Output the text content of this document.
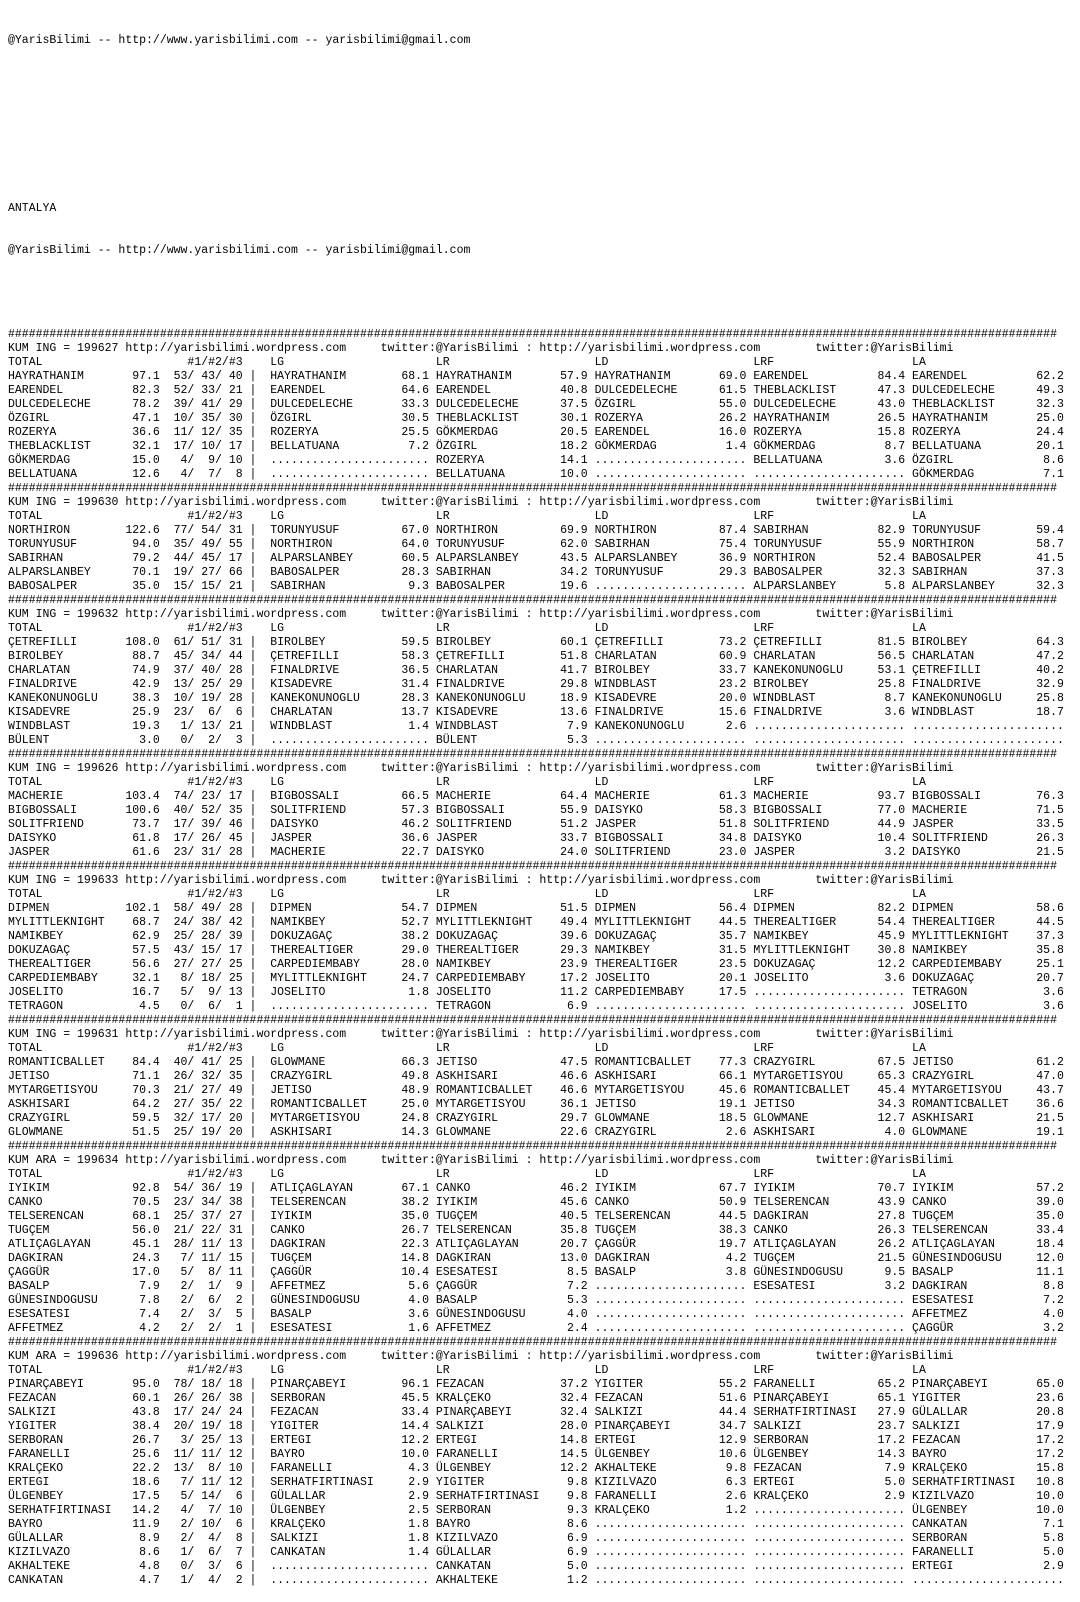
@YarisBilimi -- http://www.yarisbilimi.com -- yarisbilimi@gmail.com

ANTALYA

@YarisBilimi -- http://www.yarisbilimi.com -- yarisbilimi@gmail.com

########################################################################################################################################################
KUM ING = 199627 http://yarisbilimi.wordpress.com     twitter:@YarisBilimi : http://yarisbilimi.wordpress.com        twitter:@YarisBilimi
TOTAL                     #1/#2/#3    LG                      LR                     LD                     LRF                    LA
HAYRATHANIM       97.1  53/ 43/ 40 |  HAYRATHANIM        68.1 HAYRATHANIM       57.9 HAYRATHANIM       69.0 EARENDEL          84.4 EARENDEL          62.2
EARENDEL          82.3  52/ 33/ 21 |  EARENDEL           64.6 EARENDEL          40.8 DULCEDELECHE      61.5 THEBLACKLIST      47.3 DULCEDELECHE      49.3
DULCEDELECHE      78.2  39/ 41/ 29 |  DULCEDELECHE       33.3 DULCEDELECHE      37.5 ÖZGIRL            55.0 DULCEDELECHE      43.0 THEBLACKLIST      32.3
ÖZGIRL            47.1  10/ 35/ 30 |  ÖZGIRL             30.5 THEBLACKLIST      30.1 ROZERYA           26.2 HAYRATHANIM       26.5 HAYRATHANIM       25.0
ROZERYA           36.6  11/ 12/ 35 |  ROZERYA            25.5 GÖKMERDAG         20.5 EARENDEL          16.0 ROZERYA           15.8 ROZERYA           24.4
THEBLACKLIST      32.1  17/ 10/ 17 |  BELLATUANA          7.2 ÖZGIRL            18.2 GÖKMERDAG          1.4 GÖKMERDAG          8.7 BELLATUANA        20.1
GÖKMERDAG         15.0   4/  9/ 10 |  ....................... ROZERYA           14.1 ...................... BELLATUANA         3.6 ÖZGIRL             8.6
BELLATUANA        12.6   4/  7/  8 |  ....................... BELLATUANA        10.0 ...................... ...................... GÖKMERDAG          7.1
########################################################################################################################################################
KUM ING = 199630 http://yarisbilimi.wordpress.com     twitter:@YarisBilimi : http://yarisbilimi.wordpress.com        twitter:@YarisBilimi
TOTAL                     #1/#2/#3    LG                      LR                     LD                     LRF                    LA
NORTHIRON        122.6  77/ 54/ 31 |  TORUNYUSUF         67.0 NORTHIRON         69.9 NORTHIRON         87.4 SABIRHAN          82.9 TORUNYUSUF        59.4
TORUNYUSUF        94.0  35/ 49/ 55 |  NORTHIRON          64.0 TORUNYUSUF        62.0 SABIRHAN          75.4 TORUNYUSUF        55.9 NORTHIRON         58.7
SABIRHAN          79.2  44/ 45/ 17 |  ALPARSLANBEY       60.5 ALPARSLANBEY      43.5 ALPARSLANBEY      36.9 NORTHIRON         52.4 BABOSALPER        41.5
ALPARSLANBEY      70.1  19/ 27/ 66 |  BABOSALPER         28.3 SABIRHAN          34.2 TORUNYUSUF        29.3 BABOSALPER        32.3 SABIRHAN          37.3
BABOSALPER        35.0  15/ 15/ 21 |  SABIRHAN            9.3 BABOSALPER        19.6 ...................... ALPARSLANBEY       5.8 ALPARSLANBEY      32.3
########################################################################################################################################################
KUM ING = 199632 http://yarisbilimi.wordpress.com     twitter:@YarisBilimi : http://yarisbilimi.wordpress.com        twitter:@YarisBilimi
TOTAL                     #1/#2/#3    LG                      LR                     LD                     LRF                    LA
ÇETREFILLI       108.0  61/ 51/ 31 |  BIROLBEY           59.5 BIROLBEY          60.1 ÇETREFILLI        73.2 ÇETREFILLI        81.5 BIROLBEY          64.3
BIROLBEY          88.7  45/ 34/ 44 |  ÇETREFILLI         58.3 ÇETREFILLI        51.8 CHARLATAN         60.9 CHARLATAN         56.5 CHARLATAN         47.2
CHARLATAN         74.9  37/ 40/ 28 |  FINALDRIVE         36.5 CHARLATAN         41.7 BIROLBEY          33.7 KANEKONUNOGLU     53.1 ÇETREFILLI        40.2
FINALDRIVE        42.9  13/ 25/ 29 |  KISADEVRE          31.4 FINALDRIVE        29.8 WINDBLAST         23.2 BIROLBEY          25.8 FINALDRIVE        32.9
KANEKONUNOGLU     38.3  10/ 19/ 28 |  KANEKONUNOGLU      28.3 KANEKONUNOGLU     18.9 KISADEVRE         20.0 WINDBLAST          8.7 KANEKONUNOGLU     25.8
KISADEVRE         25.9  23/  6/  6 |  CHARLATAN          13.7 KISADEVRE         13.6 FINALDRIVE        15.6 FINALDRIVE         3.6 WINDBLAST         18.7
WINDBLAST         19.3   1/ 13/ 21 |  WINDBLAST           1.4 WINDBLAST          7.9 KANEKONUNOGLU      2.6 ...................... ......................
BÜLENT             3.0   0/  2/  3 |  ....................... BÜLENT             5.3 ...................... ...................... ......................
########################################################################################################################################################
KUM ING = 199626 http://yarisbilimi.wordpress.com     twitter:@YarisBilimi : http://yarisbilimi.wordpress.com        twitter:@YarisBilimi
TOTAL                     #1/#2/#3    LG                      LR                     LD                     LRF                    LA
MACHERIE         103.4  74/ 23/ 17 |  BIGBOSSALI         66.5 MACHERIE          64.4 MACHERIE          61.3 MACHERIE          93.7 BIGBOSSALI        76.3
BIGBOSSALI       100.6  40/ 52/ 35 |  SOLITFRIEND        57.3 BIGBOSSALI        55.9 DAISYKO           58.3 BIGBOSSALI        77.0 MACHERIE          71.5
SOLITFRIEND       73.7  17/ 39/ 46 |  DAISYKO            46.2 SOLITFRIEND       51.2 JASPER            51.8 SOLITFRIEND       44.9 JASPER            33.5
DAISYKO           61.8  17/ 26/ 45 |  JASPER             36.6 JASPER            33.7 BIGBOSSALI        34.8 DAISYKO           10.4 SOLITFRIEND       26.3
JASPER            61.6  23/ 31/ 28 |  MACHERIE           22.7 DAISYKO           24.0 SOLITFRIEND       23.0 JASPER             3.2 DAISYKO           21.5
########################################################################################################################################################
KUM ING = 199633 http://yarisbilimi.wordpress.com     twitter:@YarisBilimi : http://yarisbilimi.wordpress.com        twitter:@YarisBilimi
TOTAL                     #1/#2/#3    LG                      LR                     LD                     LRF                    LA
DIPMEN           102.1  58/ 49/ 28 |  DIPMEN             54.7 DIPMEN            51.5 DIPMEN            56.4 DIPMEN            82.2 DIPMEN            58.6
MYLITTLEKNIGHT    68.7  24/ 38/ 42 |  NAMIKBEY           52.7 MYLITTLEKNIGHT    49.4 MYLITTLEKNIGHT    44.5 THEREALTIGER      54.4 THEREALTIGER      44.5
NAMIKBEY          62.9  25/ 28/ 39 |  DOKUZAGAÇ          38.2 DOKUZAGAÇ         39.6 DOKUZAGAÇ         35.7 NAMIKBEY          45.9 MYLITTLEKNIGHT    37.3
DOKUZAGAÇ         57.5  43/ 15/ 17 |  THEREALTIGER       29.0 THEREALTIGER      29.3 NAMIKBEY          31.5 MYLITTLEKNIGHT    30.8 NAMIKBEY          35.8
THEREALTIGER      56.6  27/ 27/ 25 |  CARPEDIEMBABY      28.0 NAMIKBEY          23.9 THEREALTIGER      23.5 DOKUZAGAÇ         12.2 CARPEDIEMBABY     25.1
CARPEDIEMBABY     32.1   8/ 18/ 25 |  MYLITTLEKNIGHT     24.7 CARPEDIEMBABY     17.2 JOSELITO          20.1 JOSELITO           3.6 DOKUZAGAÇ         20.7
JOSELITO          16.7   5/  9/ 13 |  JOSELITO            1.8 JOSELITO          11.2 CARPEDIEMBABY     17.5 ...................... TETRAGON           3.6
TETRAGON           4.5   0/  6/  1 |  ....................... TETRAGON           6.9 ...................... ...................... JOSELITO           3.6
########################################################################################################################################################
KUM ING = 199631 http://yarisbilimi.wordpress.com     twitter:@YarisBilimi : http://yarisbilimi.wordpress.com        twitter:@YarisBilimi
TOTAL                     #1/#2/#3    LG                      LR                     LD                     LRF                    LA
ROMANTICBALLET    84.4  40/ 41/ 25 |  GLOWMANE           66.3 JETISO            47.5 ROMANTICBALLET    77.3 CRAZYGIRL         67.5 JETISO            61.2
JETISO            71.1  26/ 32/ 35 |  CRAZYGIRL          49.8 ASKHISARI         46.6 ASKHISARI         66.1 MYTARGETISYOU     65.3 CRAZYGIRL         47.0
MYTARGETISYOU     70.3  21/ 27/ 49 |  JETISO             48.9 ROMANTICBALLET    46.6 MYTARGETISYOU     45.6 ROMANTICBALLET    45.4 MYTARGETISYOU     43.7
ASKHISARI         64.2  27/ 35/ 22 |  ROMANTICBALLET     25.0 MYTARGETISYOU     36.1 JETISO            19.1 JETISO            34.3 ROMANTICBALLET    36.6
CRAZYGIRL         59.5  32/ 17/ 20 |  MYTARGETISYOU      24.8 CRAZYGIRL         29.7 GLOWMANE          18.5 GLOWMANE          12.7 ASKHISARI         21.5
GLOWMANE          51.5  25/ 19/ 20 |  ASKHISARI          14.3 GLOWMANE          22.6 CRAZYGIRL          2.6 ASKHISARI          4.0 GLOWMANE          19.1
########################################################################################################################################################
KUM ARA = 199634 http://yarisbilimi.wordpress.com     twitter:@YarisBilimi : http://yarisbilimi.wordpress.com        twitter:@YarisBilimi
TOTAL                     #1/#2/#3    LG                      LR                     LD                     LRF                    LA
IYIKIM            92.8  54/ 36/ 19 |  ATLIÇAGLAYAN       67.1 CANKO             46.2 IYIKIM            67.7 IYIKIM            70.7 IYIKIM            57.2
CANKO             70.5  23/ 34/ 38 |  TELSERENCAN        38.2 IYIKIM            45.6 CANKO             50.9 TELSERENCAN       43.9 CANKO             39.0
TELSERENCAN       68.1  25/ 37/ 27 |  IYIKIM             35.0 TUGÇEM            40.5 TELSERENCAN       44.5 DAGKIRAN          27.8 TUGÇEM            35.0
TUGÇEM            56.0  21/ 22/ 31 |  CANKO              26.7 TELSERENCAN       35.8 TUGÇEM            38.3 CANKO             26.3 TELSERENCAN       33.4
ATLIÇAGLAYAN      45.1  28/ 11/ 13 |  DAGKIRAN           22.3 ATLIÇAGLAYAN      20.7 ÇAGGÜR            19.7 ATLIÇAGLAYAN      26.2 ATLIÇAGLAYAN      18.4
DAGKIRAN          24.3   7/ 11/ 15 |  TUGÇEM             14.8 DAGKIRAN          13.0 DAGKIRAN           4.2 TUGÇEM            21.5 GÜNESINDOGUSU     12.0
ÇAGGÜR            17.0   5/  8/ 11 |  ÇAGGÜR             10.4 ESESATESI          8.5 BASALP             3.8 GÜNESINDOGUSU      9.5 BASALP            11.1
BASALP             7.9   2/  1/  9 |  AFFETMEZ            5.6 ÇAGGÜR             7.2 ...................... ESESATESI          3.2 DAGKIRAN           8.8
GÜNESINDOGUSU      7.8   2/  6/  2 |  GÜNESINDOGUSU       4.0 BASALP             5.3 ...................... ...................... ESESATESI          7.2
ESESATESI          7.4   2/  3/  5 |  BASALP              3.6 GÜNESINDOGUSU      4.0 ...................... ...................... AFFETMEZ           4.0
AFFETMEZ           4.2   2/  2/  1 |  ESESATESI           1.6 AFFETMEZ           2.4 ...................... ...................... ÇAGGÜR             3.2
########################################################################################################################################################
KUM ARA = 199636 http://yarisbilimi.wordpress.com     twitter:@YarisBilimi : http://yarisbilimi.wordpress.com        twitter:@YarisBilimi
TOTAL                     #1/#2/#3    LG                      LR                     LD                     LRF                    LA
PINARÇABEYI       95.0  78/ 18/ 18 |  PINARÇABEYI        96.1 FEZACAN           37.2 YIGITER           55.2 FARANELLI         65.2 PINARÇABEYI       65.0
FEZACAN           60.1  26/ 26/ 38 |  SERBORAN           45.5 KRALÇEKO          32.4 FEZACAN           51.6 PINARÇABEYI       65.1 YIGITER           23.6
SALKIZI           43.8  17/ 24/ 24 |  FEZACAN            33.4 PINARÇABEYI       32.4 SALKIZI           44.4 SERHATFIRTINASI   27.9 GÜLALLAR          20.8
YIGITER           38.4  20/ 19/ 18 |  YIGITER            14.4 SALKIZI           28.0 PINARÇABEYI       34.7 SALKIZI           23.7 SALKIZI           17.9
SERBORAN          26.7   3/ 25/ 13 |  ERTEGI             12.2 ERTEGI            14.8 ERTEGI            12.9 SERBORAN          17.2 FEZACAN           17.2
FARANELLI         25.6  11/ 11/ 12 |  BAYRO              10.0 FARANELLI         14.5 ÜLGENBEY          10.6 ÜLGENBEY          14.3 BAYRO             17.2
KRALÇEKO          22.2  13/  8/ 10 |  FARANELLI           4.3 ÜLGENBEY          12.2 AKHALTEKE          9.8 FEZACAN            7.9 KRALÇEKO          15.8
ERTEGI            18.6   7/ 11/ 12 |  SERHATFIRTINASI     2.9 YIGITER            9.8 KIZILVAZO          6.3 ERTEGI             5.0 SERHATFIRTINASI   10.8
ÜLGENBEY          17.5   5/ 14/  6 |  GÜLALLAR            2.9 SERHATFIRTINASI    9.8 FARANELLI          2.6 KRALÇEKO           2.9 KIZILVAZO         10.0
SERHATFIRTINASI   14.2   4/  7/ 10 |  ÜLGENBEY            2.5 SERBORAN           9.3 KRALÇEKO           1.2 ...................... ÜLGENBEY          10.0
BAYRO             11.9   2/ 10/  6 |  KRALÇEKO            1.8 BAYRO              8.6 ...................... ...................... CANKATAN           7.1
GÜLALLAR           8.9   2/  4/  8 |  SALKIZI             1.8 KIZILVAZO          6.9 ...................... ...................... SERBORAN           5.8
KIZILVAZO          8.6   1/  6/  7 |  CANKATAN            1.4 GÜLALLAR           6.9 ...................... ...................... FARANELLI          5.0
AKHALTEKE          4.8   0/  3/  6 |  ....................... CANKATAN           5.0 ...................... ...................... ERTEGI             2.9
CANKATAN           4.7   1/  4/  2 |  ....................... AKHALTEKE          1.2 ...................... ...................... ......................
